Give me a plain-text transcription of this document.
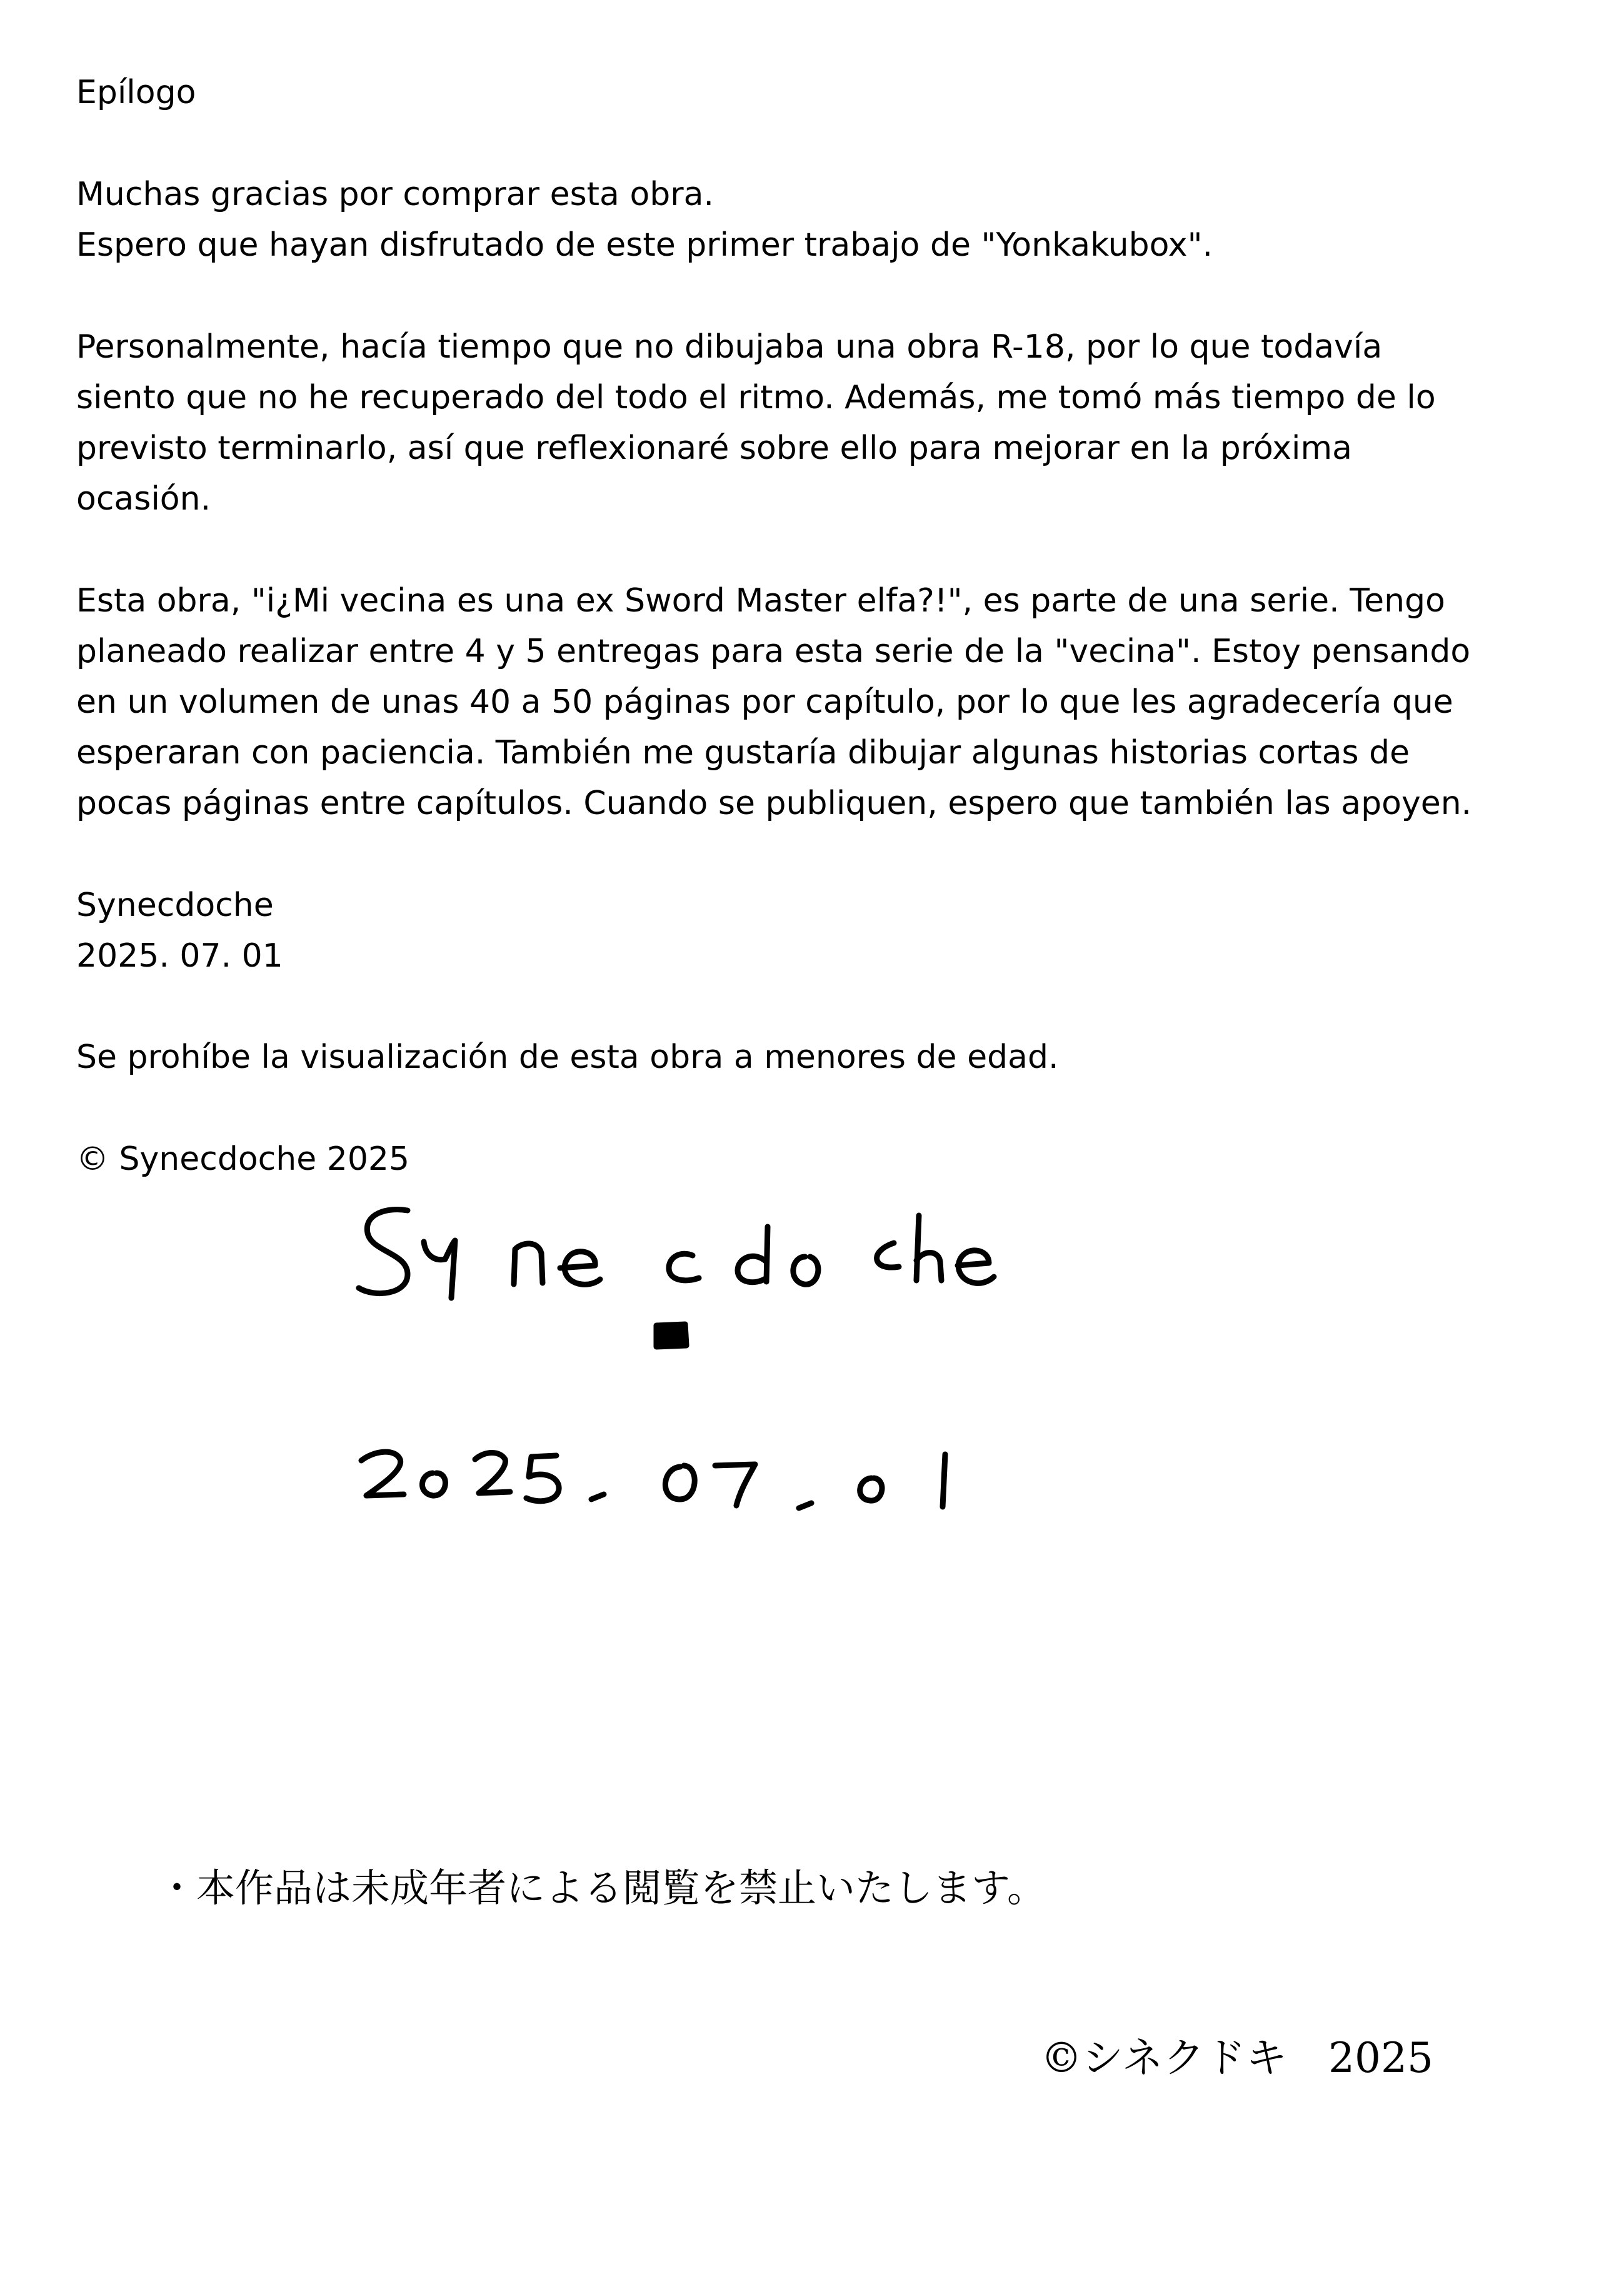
Epílogo

Muchas gracias por comprar esta obra.

Espero que hayan disfrutado de este primer trabajo de "Yonkakubox".

Personalmente, hacía tiempo que no dibujaba una obra R-18, por lo que todavía

siento que no he recuperado del todo el ritmo. Además, me tomó más tiempo de lo

previsto terminarlo, así que reflexionaré sobre ello para mejorar en la próxima

ocasión.

Esta obra, "i¿Mi vecina es una ex Sword Master elfa?!", es parte de una serie. Tengo

planeado realizar entre 4 y 5 entregas para esta serie de la "vecina". Estoy pensando

en un volumen de unas 40 a 50 páginas por capítulo, por lo que les agradecería que

esperaran con paciencia. También me gustaría dibujar algunas historias cortas de

pocas páginas entre capítulos. Cuando se publiquen, espero que también las apoyen.

Synecdoche

2025. 07. 01

Se prohíbe la visualización de esta obra a menores de edad.

© Synecdoche 2025

・本作品は未成年者による閲覧を禁止いたします。
©シネクドキ　2025
